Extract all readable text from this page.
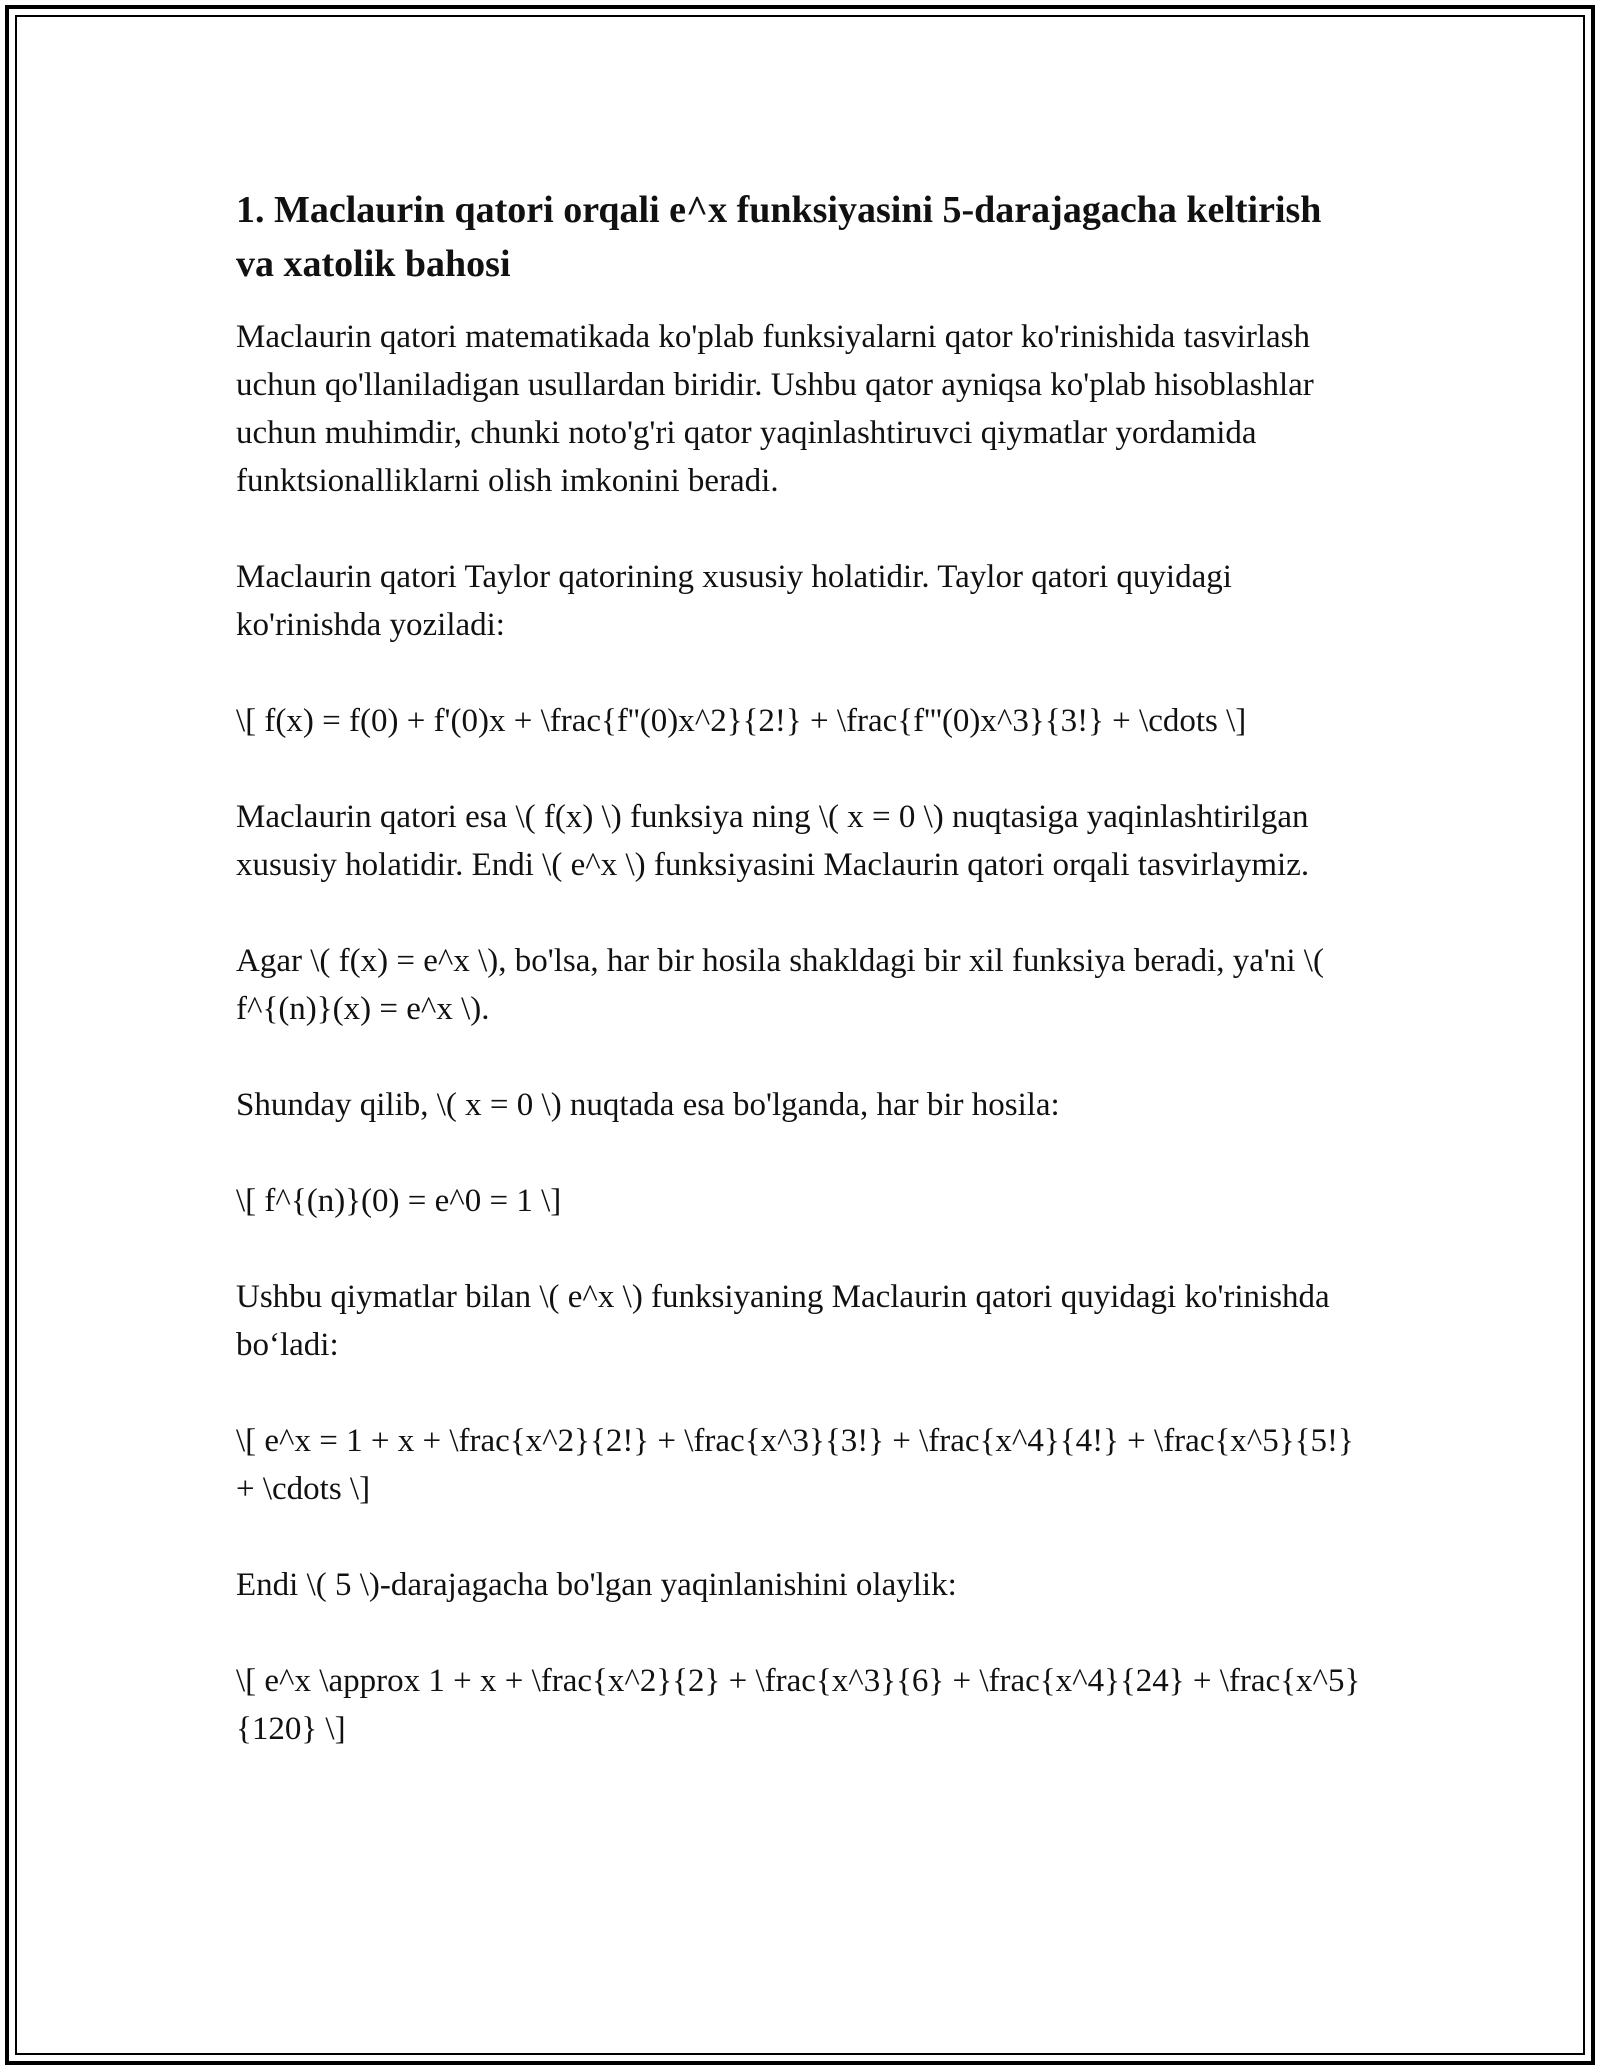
1. Maclaurin qatori orqali e^x funksiyasini 5-darajagacha keltirish va xatolik bahosi

Maclaurin qatori matematikada ko'plab funksiyalarni qator ko'rinishida tasvirlash uchun qo'llaniladigan usullardan biridir. Ushbu qator ayniqsa ko'plab hisoblashlar uchun muhimdir, chunki noto'g'ri qator yaqinlashtiruvci qiymatlar yordamida funktsionalliklarni olish imkonini beradi.

Maclaurin qatori Taylor qatorining xususiy holatidir. Taylor qatori quyidagi ko'rinishda yoziladi:

\[ f(x) = f(0) + f'(0)x + \frac{f''(0)x^2}{2!} + \frac{f'''(0)x^3}{3!} + \cdots \]

Maclaurin qatori esa \( f(x) \) funksiya ning \( x = 0 \) nuqtasiga yaqinlashtirilgan xususiy holatidir. Endi \( e^x \) funksiyasini Maclaurin qatori orqali tasvirlaymiz.

Agar \( f(x) = e^x \), bo'lsa, har bir hosila shakldagi bir xil funksiya beradi, ya'ni \( f^{(n)}(x) = e^x \).

Shunday qilib, \( x = 0 \) nuqtada esa bo'lganda, har bir hosila:

\[ f^{(n)}(0) = e^0 = 1 \]

Ushbu qiymatlar bilan \( e^x \) funksiyaning Maclaurin qatori quyidagi ko'rinishda bo‘ladi:

\[ e^x = 1 + x + \frac{x^2}{2!} + \frac{x^3}{3!} + \frac{x^4}{4!} + \frac{x^5}{5!} + \cdots \]

Endi \( 5 \)-darajagacha bo'lgan yaqinlanishini olaylik:

\[ e^x \approx 1 + x + \frac{x^2}{2} + \frac{x^3}{6} + \frac{x^4}{24} + \frac{x^5}{120} \]
